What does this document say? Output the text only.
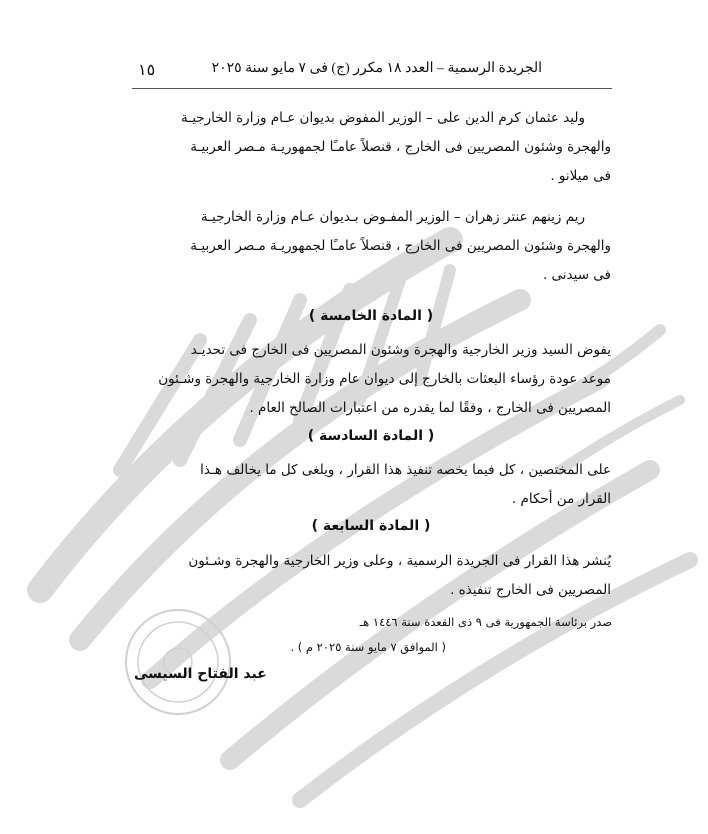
الجريدة الرسمية – العدد ١٨ مكرر (ج) فى ٧ مايو سنة ٢٠٢٥
١٥
وليد عثمان كرم الدين على – الوزير المفوض بديوان عـام وزارة الخارجيـة
والهجرة وشئون المصريين فى الخارج ، قنصلاً عامـًا لجمهوريـة مـصر العربيـة
فى ميلانو .
ريم زينهم عنتر زهران – الوزير المفـوض بـديوان عـام وزارة الخارجيـة
والهجرة وشئون المصريين فى الخارج ، قنصلاً عامـًا لجمهوريـة مـصر العربيـة
فى سيدنى .
( المادة الخامسة )
يفوض السيد وزير الخارجية والهجرة وشئون المصريين فى الخارج فى تحديـد
موعد عودة رؤساء البعثات بالخارج إلى ديوان عام وزارة الخارجية والهجرة وشـئون
المصريين فى الخارج ، وفقًا لما يقدره من اعتبارات الصالح العام .
( المادة السادسة )
على المختصين ، كل فيما يخصه تنفيذ هذا القرار ، ويلغى كل ما يخالف هـذا
القرار من أحكام .
( المادة السابعة )
يُنشر هذا القرار فى الجريدة الرسمية ، وعلى وزير الخارجية والهجرة وشـئون
المصريين فى الخارج تنفيذه .
صدر برئاسة الجمهورية فى ٩ ذى القعدة سنة ١٤٤٦ هـ
( الموافق ٧ مايو سنة ٢٠٢٥ م ) .
عبد الفتاح السيسى
